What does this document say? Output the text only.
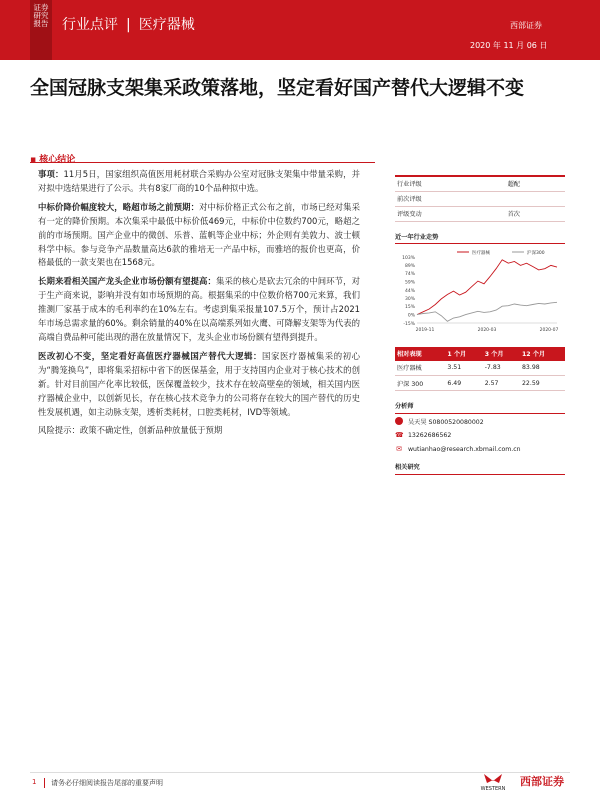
证券研究报告 行业点评 | 医疗器械	西部证券
2020 年 11 月 06 日
全国冠脉支架集采政策落地，坚定看好国产替代大逻辑不变
▪ 核心结论

事项：11月5日，国家组织高值医用耗材联合采购办公室对冠脉支架集中带量采购，并对拟中选结果进行了公示。共有8家厂商的10个品种拟中选。

中标价降价幅度较大，略超市场之前预期：对中标价格正式公布之前，市场已经对集采有一定的降价预期。本次集采中最低中标价低469元，中标价中位数约700元，略超之前的市场预期。国产企业中的微创、乐普、蓝帆等企业中标；外企则有美敦力、波士顿科学中标。参与竞争产品数量高达6款的雅培无一产品中标，而雅培的报价也更高，价格最低的一款支架也在1568元。

长期来看相关国产龙头企业市场份额有望提高：集采的核心是砍去冗余的中间环节，对于生产商来说，影响并没有如市场预期的高。根据集采的中位数价格700元来算，我们推测厂家基于成本的毛利率约在10%左右。考虑到集采报量107.5万个，预计占2021年市场总需求量的60%。剩余销量的40%在以高端系列如火鹰、可降解支架等为代表的高端自费品种可能出现的潜在放量情况下，龙头企业市场份额有望得到提升。

医改初心不变，坚定看好高值医疗器械国产替代大逻辑：国家医疗器械集采的初心为“腾笼换鸟”，即将集采招标中省下的医保基金，用于支持国内企业对于核心技术的创新。针对目前国产化率比较低，医保覆盖较少，技术存在较高壁垒的领域，相关国内医疗器械企业中，以创新见长，存在核心技术竞争力的公司将存在较大的国产替代的历史性发展机遇，如主动脉支架，透析类耗材，口腔类耗材，IVD等领域。

风险提示：政策不确定性，创新品种放量低于预期

行业评级	超配
前次评级	
评级变动	首次
近一年行业走势
-15%
0%
15%
30%
44%
59%
74%
89%
103%
2019-11	2020-03	2020-07
医疗器械	沪深300
相对表现	1 个月	3 个月	12 个月
医疗器械	3.51	-7.83	83.98
沪深 300	6.49	2.57	22.59
分析师
吴天昊 S0800520080002
☎ 13262686562
✉ wutianhao@research.xbmail.com.cn
相关研究
1	请务必仔细阅读报告尾部的重要声明
WESTERN
西部证券
